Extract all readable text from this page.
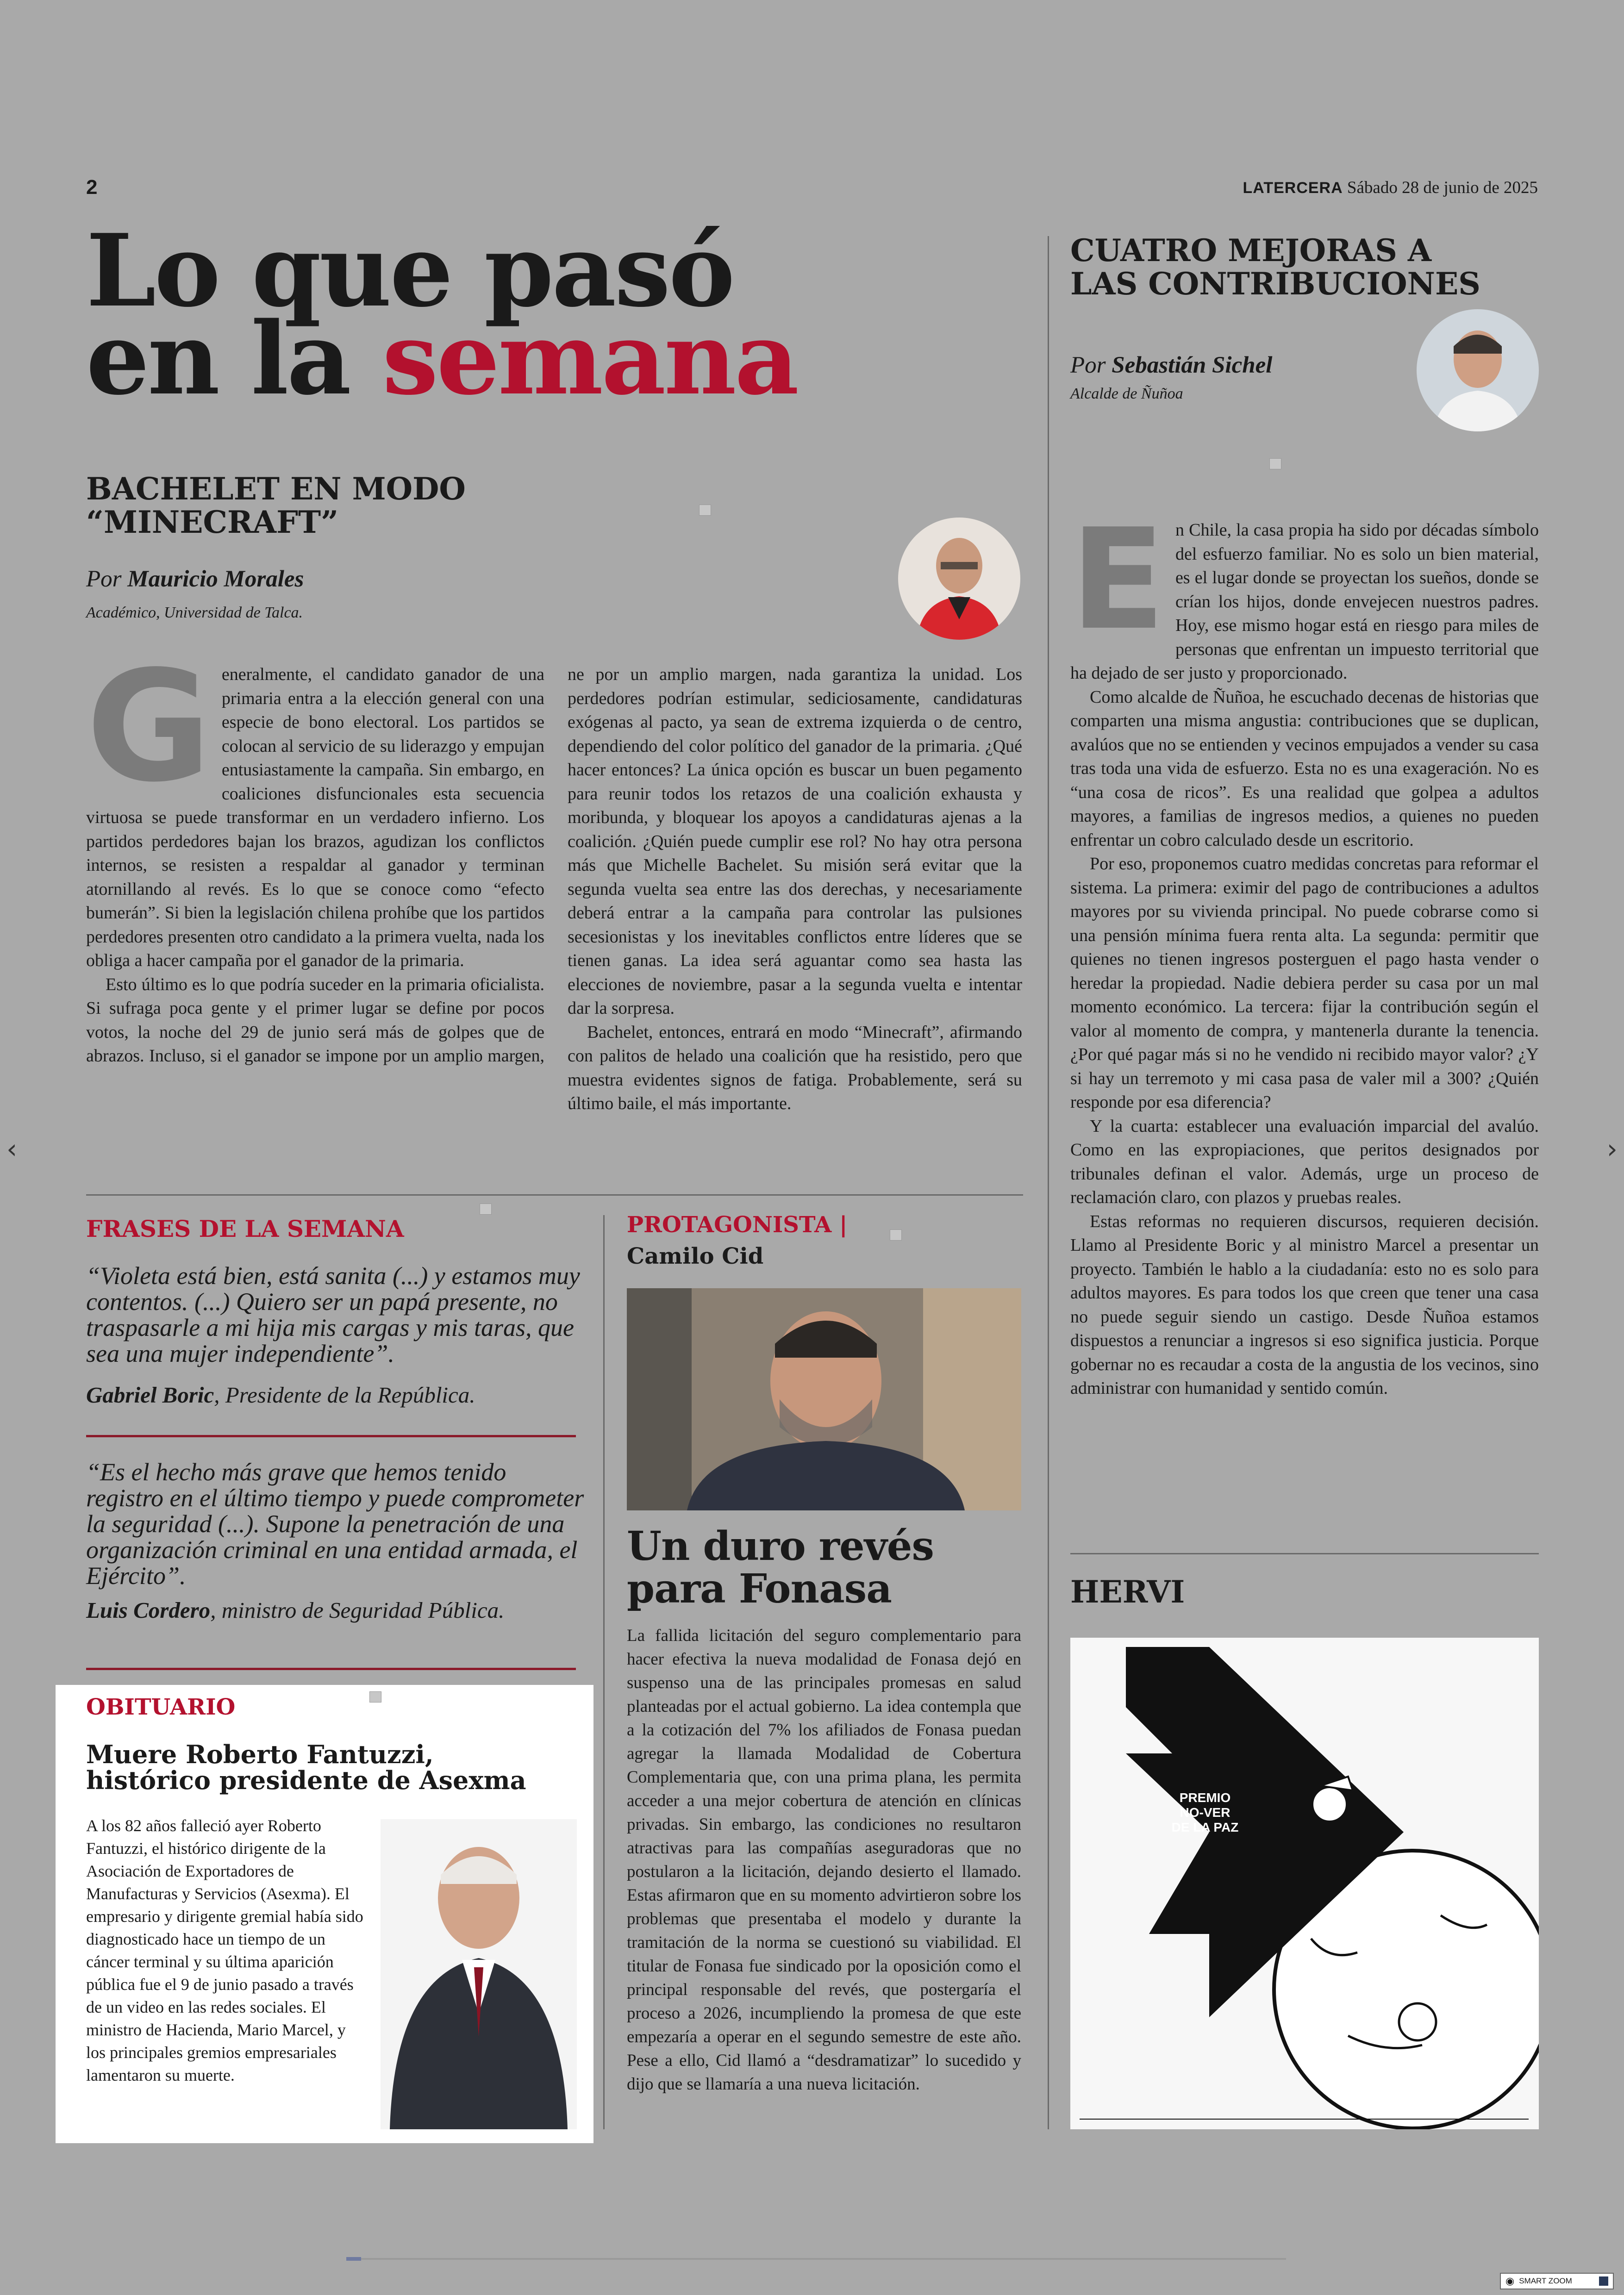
2	LATERCERA Sábado 28 de junio de 2025
Lo que pasó
en la semana
BACHELET EN MODO “MINECRAFT”
Por Mauricio Morales
Académico, Universidad de Talca.
G eneralmente, el candidato ganador de una primaria entra a la elección general con una especie de bono electoral. Los partidos se colocan al servicio de su liderazgo y empujan entusiastamente la campaña. Sin embargo, en coaliciones disfuncionales esta secuencia virtuosa se puede transformar en un verdadero infierno. Los partidos perdedores bajan los brazos, agudizan los conflictos internos, se resisten a respaldar al ganador y terminan atornillando al revés. Es lo que se conoce como “efecto bumerán”. Si bien la legislación chilena prohíbe que los partidos perdedores presenten otro candidato a la primera vuelta, nada los obliga a hacer campaña por el ganador de la primaria.

Esto último es lo que podría suceder en la primaria oficialista. Si sufraga poca gente y el primer lugar se define por pocos votos, la noche del 29 de junio será más de golpes que de abrazos. Incluso, si el ganador se impone por un amplio margen,

ne por un amplio margen, nada garantiza la unidad. Los perdedores podrían estimular, sediciosamente, candidaturas exógenas al pacto, ya sean de extrema izquierda o de centro, dependiendo del color político del ganador de la primaria. ¿Qué hacer entonces? La única opción es buscar un buen pegamento para reunir todos los retazos de una coalición exhausta y moribunda, y bloquear los apoyos a candidaturas ajenas a la coalición. ¿Quién puede cumplir ese rol? No hay otra persona más que Michelle Bachelet. Su misión será evitar que la segunda vuelta sea entre las dos derechas, y necesariamente deberá entrar a la campaña para controlar las pulsiones secesionistas y los inevitables conflictos entre líderes que se tienen ganas. La idea será aguantar como sea hasta las elecciones de noviembre, pasar a la segunda vuelta e intentar dar la sorpresa.

Bachelet, entonces, entrará en modo “Minecraft”, afirmando con palitos de helado una coalición que ha resistido, pero que muestra evidentes signos de fatiga. Probablemente, será su último baile, el más importante.

CUATRO MEJORAS A LAS CONTRIBUCIONES
Por Sebastián Sichel
Alcalde de Ñuñoa
E n Chile, la casa propia ha sido por décadas símbolo del esfuerzo familiar. No es solo un bien material, es el lugar donde se proyectan los sueños, donde se crían los hijos, donde envejecen nuestros padres. Hoy, ese mismo hogar está en riesgo para miles de personas que enfrentan un impuesto territorial que ha dejado de ser justo y proporcionado.

Como alcalde de Ñuñoa, he escuchado decenas de historias que comparten una misma angustia: contribuciones que se duplican, avalúos que no se entienden y vecinos empujados a vender su casa tras toda una vida de esfuerzo. Esta no es una exageración. No es “una cosa de ricos”. Es una realidad que golpea a adultos mayores, a familias de ingresos medios, a quienes no pueden enfrentar un cobro calculado desde un escritorio.

Por eso, proponemos cuatro medidas concretas para reformar el sistema. La primera: eximir del pago de contribuciones a adultos mayores por su vivienda principal. No puede cobrarse como si una pensión mínima fuera renta alta. La segunda: permitir que quienes no tienen ingresos posterguen el pago hasta vender o heredar la propiedad. Nadie debiera perder su casa por un mal momento económico. La tercera: fijar la contribución según el valor al momento de compra, y mantenerla durante la tenencia. ¿Por qué pagar más si no he vendido ni recibido mayor valor? ¿Y si hay un terremoto y mi casa pasa de valer mil a 300? ¿Quién responde por esa diferencia?

Y la cuarta: establecer una evaluación imparcial del avalúo. Como en las expropiaciones, que peritos designados por tribunales definan el valor. Además, urge un proceso de reclamación claro, con plazos y pruebas reales.

Estas reformas no requieren discursos, requieren decisión. Llamo al Presidente Boric y al ministro Marcel a presentar un proyecto. También le hablo a la ciudadanía: esto no es solo para adultos mayores. Es para todos los que creen que tener una casa no puede seguir siendo un castigo. Desde Ñuñoa estamos dispuestos a renunciar a ingresos si eso significa justicia. Porque gobernar no es recaudar a costa de la angustia de los vecinos, sino administrar con humanidad y sentido común.

FRASES DE LA SEMANA
“Violeta está bien, está sanita (...) y estamos muy contentos. (...) Quiero ser un papá presente, no traspasarle a mi hija mis cargas y mis taras, que sea una mujer independiente”.
Gabriel Boric, Presidente de la República.
“Es el hecho más grave que hemos tenido registro en el último tiempo y puede comprometer la seguridad (...). Supone la penetración de una organización criminal en una entidad armada, el Ejército”.
Luis Cordero, ministro de Seguridad Pública.
OBITUARIO
Muere Roberto Fantuzzi, histórico presidente de Asexma

A los 82 años falleció ayer Roberto Fantuzzi, el histórico dirigente de la Asociación de Exportadores de Manufacturas y Servicios (Asexma). El empresario y dirigente gremial había sido diagnosticado hace un tiempo de un cáncer terminal y su última aparición pública fue el 9 de junio pasado a través de un video en las redes sociales. El ministro de Hacienda, Mario Marcel, y los principales gremios empresariales lamentaron su muerte.

PROTAGONISTA |
Camilo Cid
Un duro revés para Fonasa

La fallida licitación del seguro complementario para hacer efectiva la nueva modalidad de Fonasa dejó en suspenso una de las principales promesas en salud planteadas por el actual gobierno. La idea contempla que a la cotización del 7% los afiliados de Fonasa puedan agregar la llamada Modalidad de Cobertura Complementaria que, con una prima plana, les permita acceder a una mejor cobertura de atención en clínicas privadas. Sin embargo, las condiciones no resultaron atractivas para las compañías aseguradoras que no postularon a la licitación, dejando desierto el llamado. Estas afirmaron que en su momento advirtieron sobre los problemas que presentaba el modelo y durante la tramitación de la norma se cuestionó su viabilidad. El titular de Fonasa fue sindicado por la oposición como el principal responsable del revés, que postergaría el proceso a 2026, incumpliendo la promesa de que este empezaría a operar en el segundo semestre de este año. Pese a ello, Cid llamó a “desdramatizar” lo sucedido y dijo que se llamaría a una nueva licitación.

HERVI
PREMIO NO-VER DE LA PAZ
‹	›
◉ SMART ZOOM
